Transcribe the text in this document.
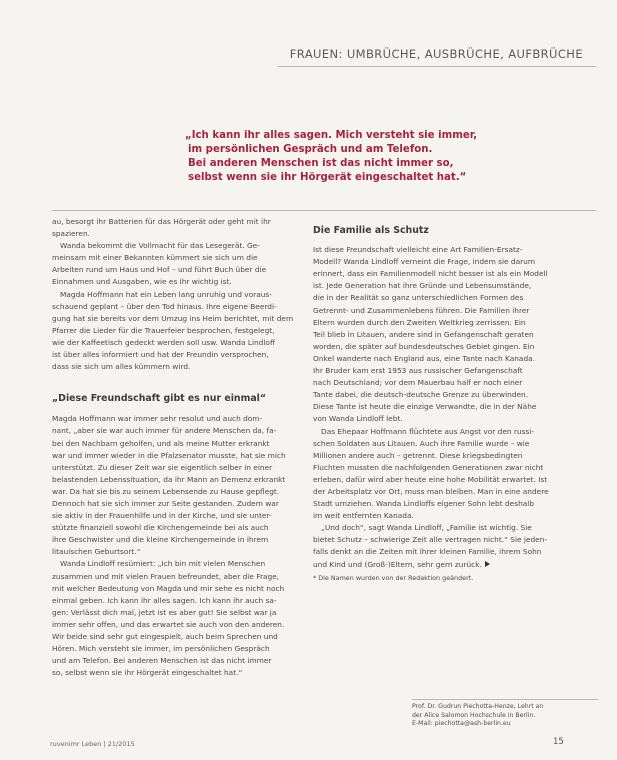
FRAUEN: UMBRÜCHE, AUSBRÜCHE, AUFBRÜCHE
„Ich kann ihr alles sagen. Mich versteht sie immer,
im persönlichen Gespräch und am Telefon.
Bei anderen Menschen ist das nicht immer so,
selbst wenn sie ihr Hörgerät eingeschaltet hat.“

au, besorgt ihr Batterien für das Hörgerät oder geht mit ihr

spazieren.

Wanda bekommt die Vollmacht für das Lesegerät. Ge-

meinsam mit einer Bekannten kümmert sie sich um die

Arbeiten rund um Haus und Hof – und führt Buch über die

Einnahmen und Ausgaben, wie es ihr wichtig ist.

Magda Hoffmann hat ein Leben lang unruhig und voraus-

schauend geplant – über den Tod hinaus. Ihre eigene Beerdi-

gung hat sie bereits vor dem Umzug ins Heim berichtet, mit dem

Pfarrer die Lieder für die Trauerfeier besprochen, festgelegt,

wie der Kaffeetisch gedeckt werden soll usw. Wanda Lindloff

ist über alles informiert und hat der Freundin versprochen,

dass sie sich um alles kümmern wird.

„Diese Freundschaft gibt es nur einmal“

Magda Hoffmann war immer sehr resolut und auch dom-

nant, „aber sie war auch immer für andere Menschen da, fa-

bei den Nachbarn geholfen, und als meine Mutter erkrankt

war und immer wieder in die Pfalzsenator musste, hat sie mich

unterstützt. Zu dieser Zeit war sie eigentlich selber in einer

belastenden Lebenssituation, da ihr Mann an Demenz erkrankt

war. Da hat sie bis zu seinem Lebensende zu Hause gepflegt.

Dennoch hat sie sich immer zur Seite gestanden. Zudem war

sie aktiv in der Frauenhilfe und in der Kirche, und sie unter-

stützte finanziell sowohl die Kirchengemeinde bei als auch

ihre Geschwister und die kleine Kirchengemeinde in ihrem

litauischen Geburtsort.“

Wanda Lindloff resümiert: „Ich bin mit vielen Menschen

zusammen und mit vielen Frauen befreundet, aber die Frage,

mit welcher Bedeutung von Magda und mir sehe es nicht noch

einmal geben. Ich kann ihr alles sagen. Ich kann ihr auch sa-

gen: Verlässt dich mal, jetzt ist es aber gut! Sie selbst war ja

immer sehr offen, und das erwartet sie auch von den anderen.

Wir beide sind sehr gut eingespielt, auch beim Sprechen und

Hören. Mich versteht sie immer, im persönlichen Gespräch

und am Telefon. Bei anderen Menschen ist das nicht immer

so, selbst wenn sie ihr Hörgerät eingeschaltet hat.“

Die Familie als Schutz

Ist diese Freundschaft vielleicht eine Art Familien-Ersatz-

Modell? Wanda Lindloff verneint die Frage, indem sie darum

erinnert, dass ein Familienmodell nicht besser ist als ein Modell

ist. Jede Generation hat ihre Gründe und Lebensumstände,

die in der Realität so ganz unterschiedlichen Formen des

Getrennt- und Zusammenlebens führen. Die Familien ihrer

Eltern wurden durch den Zweiten Weltkrieg zerrissen. Ein

Teil blieb in Litauen, andere sind in Gefangenschaft geraten

worden, die später auf bundesdeutsches Gebiet gingen. Ein

Onkel wanderte nach England aus, eine Tante nach Kanada.

Ihr Bruder kam erst 1953 aus russischer Gefangenschaft

nach Deutschland; vor dem Mauerbau half er noch einer

Tante dabei, die deutsch-deutsche Grenze zu überwinden.

Diese Tante ist heute die einzige Verwandte, die in der Nähe

von Wanda Lindloff lebt.

Das Ehepaar Hoffmann flüchtete aus Angst vor den russi-

schen Soldaten aus Litauen. Auch ihre Familie wurde – wie

Millionen andere auch – getrennt. Diese kriegsbedingten

Fluchten mussten die nachfolgenden Generationen zwar nicht

erleben, dafür wird aber heute eine hohe Mobilität erwartet. Ist

der Arbeitsplatz vor Ort, muss man bleiben. Man in eine andere

Stadt umziehen. Wanda Lindloffs eigener Sohn lebt deshalb

im weit entfernten Kanada.

„Und doch“, sagt Wanda Lindloff, „Familie ist wichtig. Sie

bietet Schutz – schwierige Zeit alle vertragen nicht.“ Sie jeden-

falls denkt an die Zeiten mit ihrer kleinen Familie, ihrem Sohn

und Kind und (Groß-)Eltern, sehr gern zurück.

* Die Namen wurden von der Redaktion geändert.

Prof. Dr. Gudrun Piechotta-Henze, Lehrt an

der Alice Salomon Hochschule in Berlin.

E-Mail: piechotta@ash-berlin.eu

ruvenimr Leben | 21/2015	15
